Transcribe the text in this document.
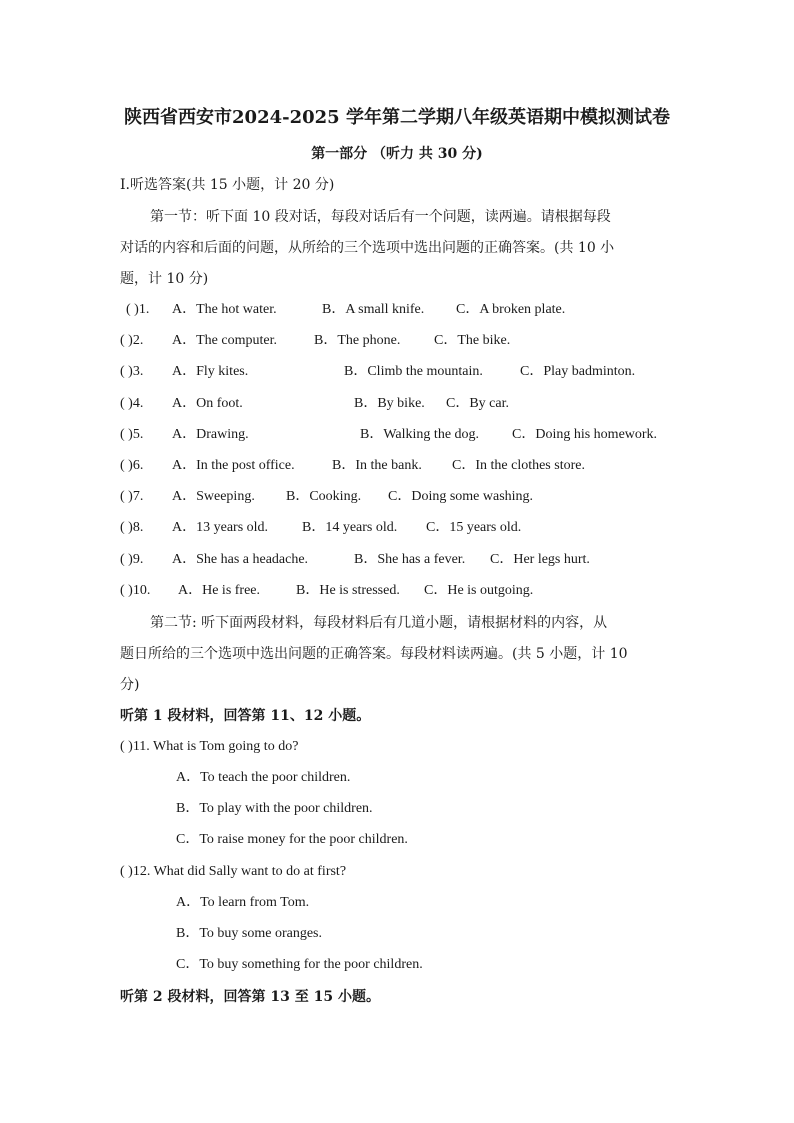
陕西省西安市2024-2025 学年第二学期八年级英语期中模拟测试卷
第一部分 （听力 共 30 分)
Ⅰ.听选答案(共 15 小题，计 20 分)
第一节：听下面 10 段对话，每段对话后有一个问题，读两遍。请根据每段
对话的内容和后面的问题，从所给的三个选项中选出问题的正确答案。(共 10 小
题，计 10 分)
( )1. A．The hot water.	B．A small knife. C．A broken plate.
( )2. A．The computer.	B．The phone. C．The bike.
( )3. A．Fly kites.	B．Climb the mountain.	C．Play badminton.
( )4. A．On foot.	B．By bike. C．By car.
( )5. A．Drawing.	B．Walking the dog. C．Doing his homework.
( )6. A．In the post office.	B．In the bank. C．In the clothes store.
( )7. A．Sweeping. B．Cooking. C．Doing some washing.
( )8. A．13 years old. B．14 years old. C．15 years old.
( )9. A．She has a headache.	B．She has a fever. C．Her legs hurt.
( )10. A．He is free.	B．He is stressed. C．He is outgoing.
第二节: 听下面两段材料，每段材料后有几道小题，请根据材料的内容，从
题日所给的三个选项中选出问题的正确答案。每段材料读两遍。(共 5 小题，计 10
分)
听第 1 段材料，回答第 11、12 小题。
( )11. What is Tom going to do?
A．To teach the poor children.
B．To play with the poor children.
C．To raise money for the poor children.
( )12. What did Sally want to do at first?
A．To learn from Tom.
B．To buy some oranges.
C．To buy something for the poor children.
听第 2 段材料，回答第 13 至 15 小题。
